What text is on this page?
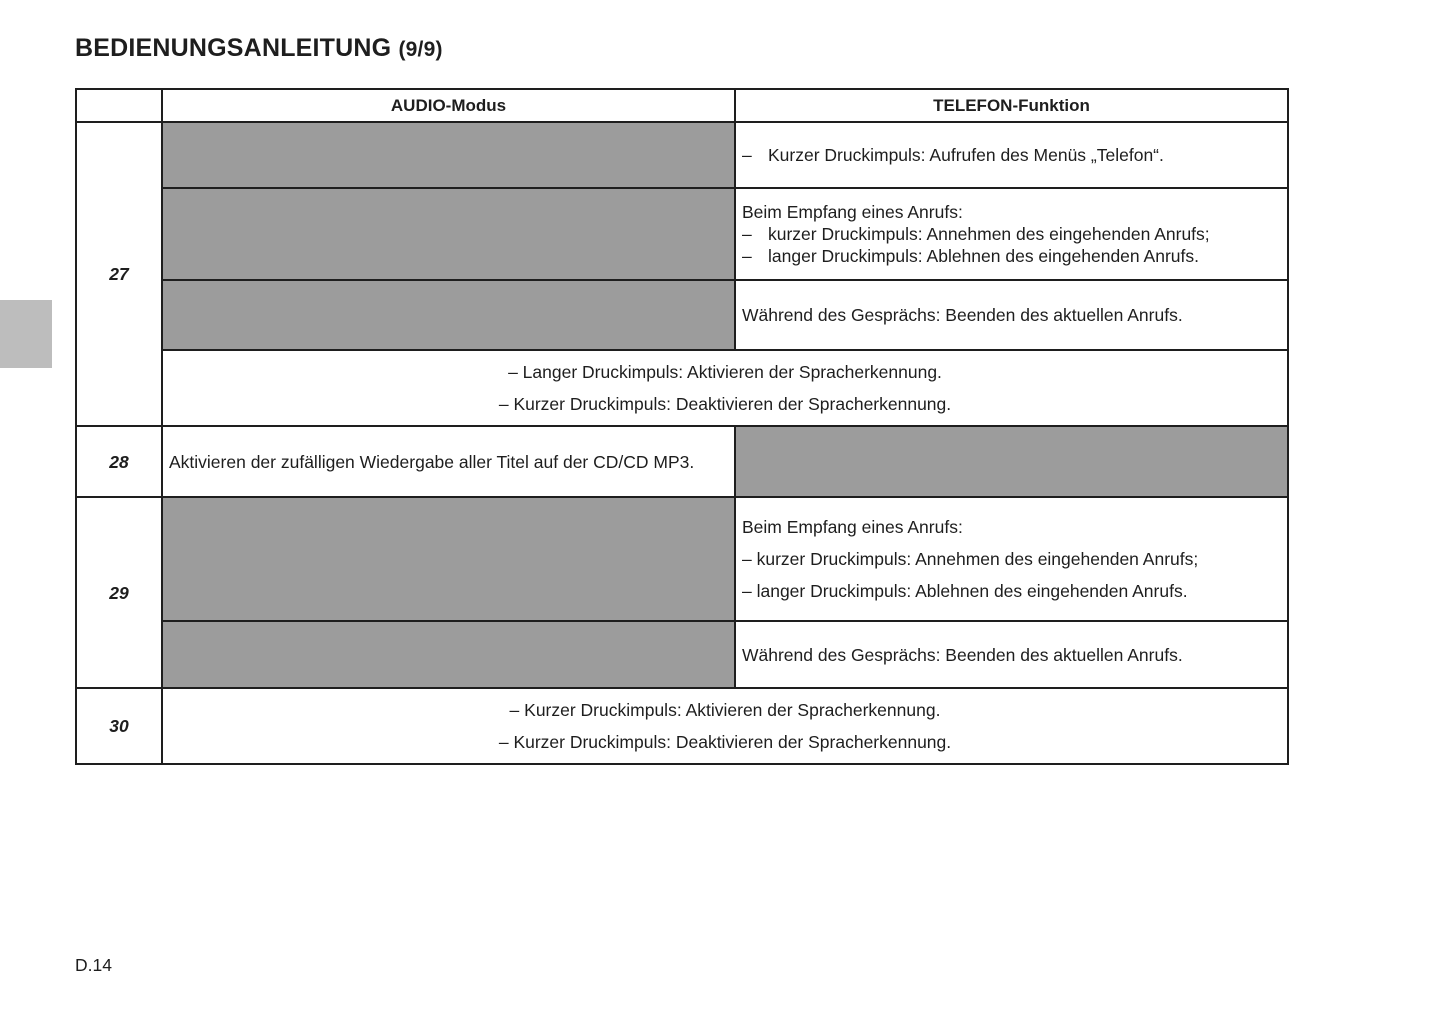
BEDIENUNGSANLEITUNG (9/9)
	AUDIO-Modus	TELEFON-Funktion
27		– Kurzer Druckimpuls: Aufrufen des Menüs „Telefon“.

		Beim Empfang eines Anrufs:
– kurzer Druckimpuls: Annehmen des eingehenden Anrufs;
– langer Druckimpuls: Ablehnen des eingehenden Anrufs.

		Während des Gesprächs: Beenden des aktuellen Anrufs.

	– Langer Druckimpuls: Aktivieren der Spracherkennung.
– Kurzer Druckimpuls: Deaktivieren der Spracherkennung.	

28	Aktivieren der zufälligen Wiedergabe aller Titel auf der CD/CD MP3.	
29		Beim Empfang eines Anrufs:
– kurzer Druckimpuls: Annehmen des eingehenden Anrufs;
– langer Druckimpuls: Ablehnen des eingehenden Anrufs.

		Während des Gesprächs: Beenden des aktuellen Anrufs.
30	– Kurzer Druckimpuls: Aktivieren der Spracherkennung.
– Kurzer Druckimpuls: Deaktivieren der Spracherkennung.	
D.14
